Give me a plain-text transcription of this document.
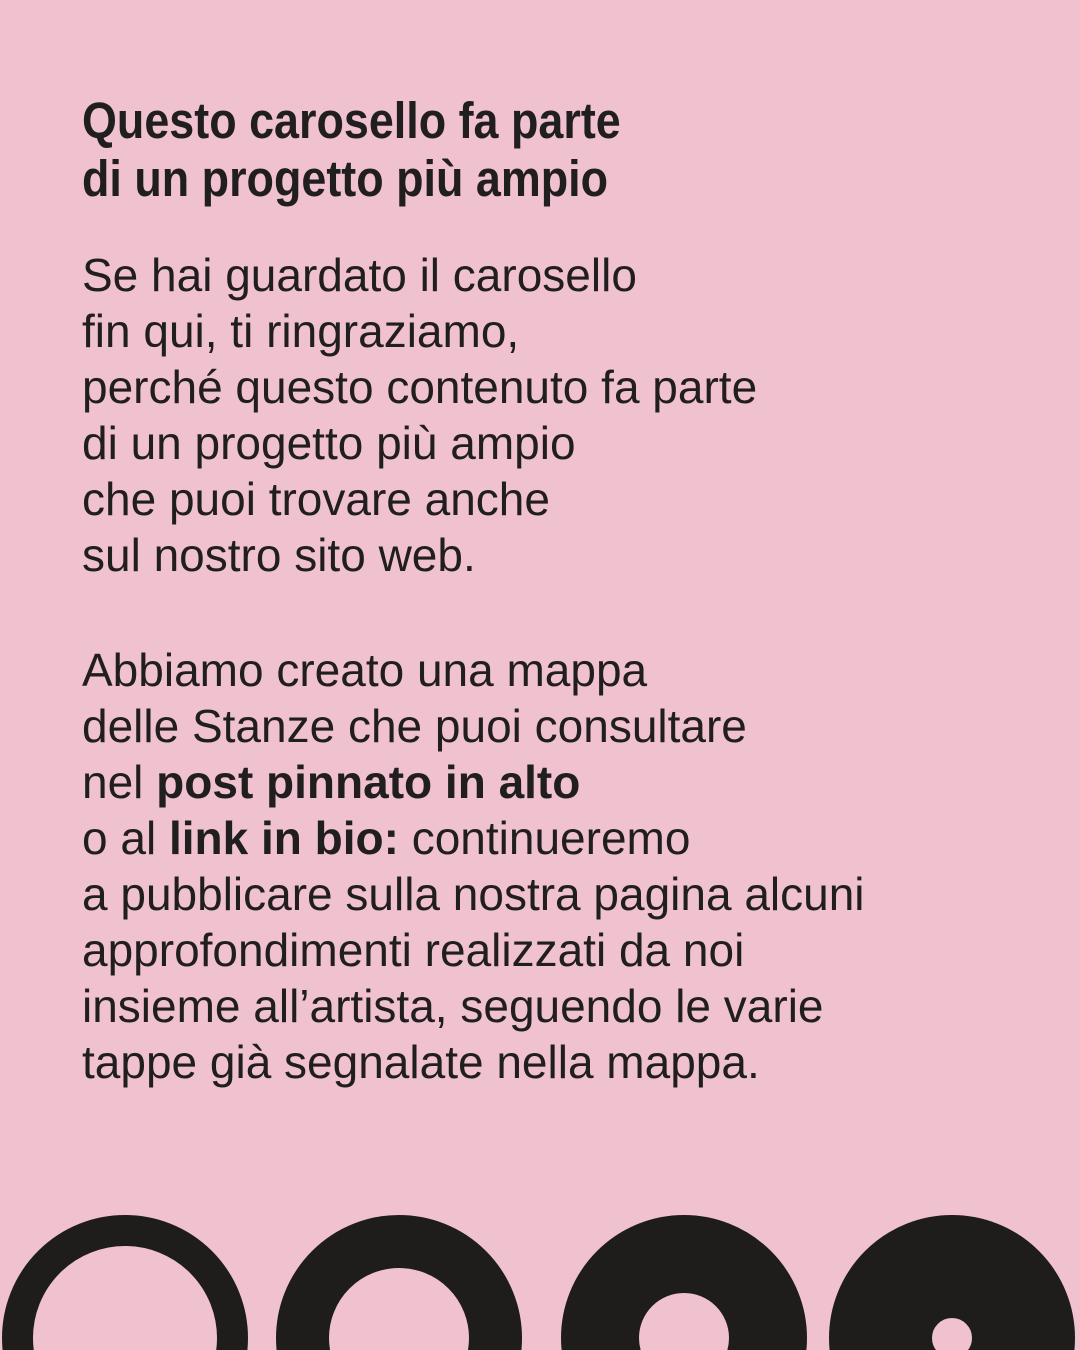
Questo carosello fa parte
di un progetto più ampio

Se hai guardato il carosello
fin qui, ti ringraziamo,
perché questo contenuto fa parte
di un progetto più ampio
che puoi trovare anche
sul nostro sito web.

Abbiamo creato una mappa
delle Stanze che puoi consultare
nel post pinnato in alto
o al link in bio: continueremo
a pubblicare sulla nostra pagina alcuni
approfondimenti realizzati da noi
insieme all’artista, seguendo le varie
tappe già segnalate nella mappa.
